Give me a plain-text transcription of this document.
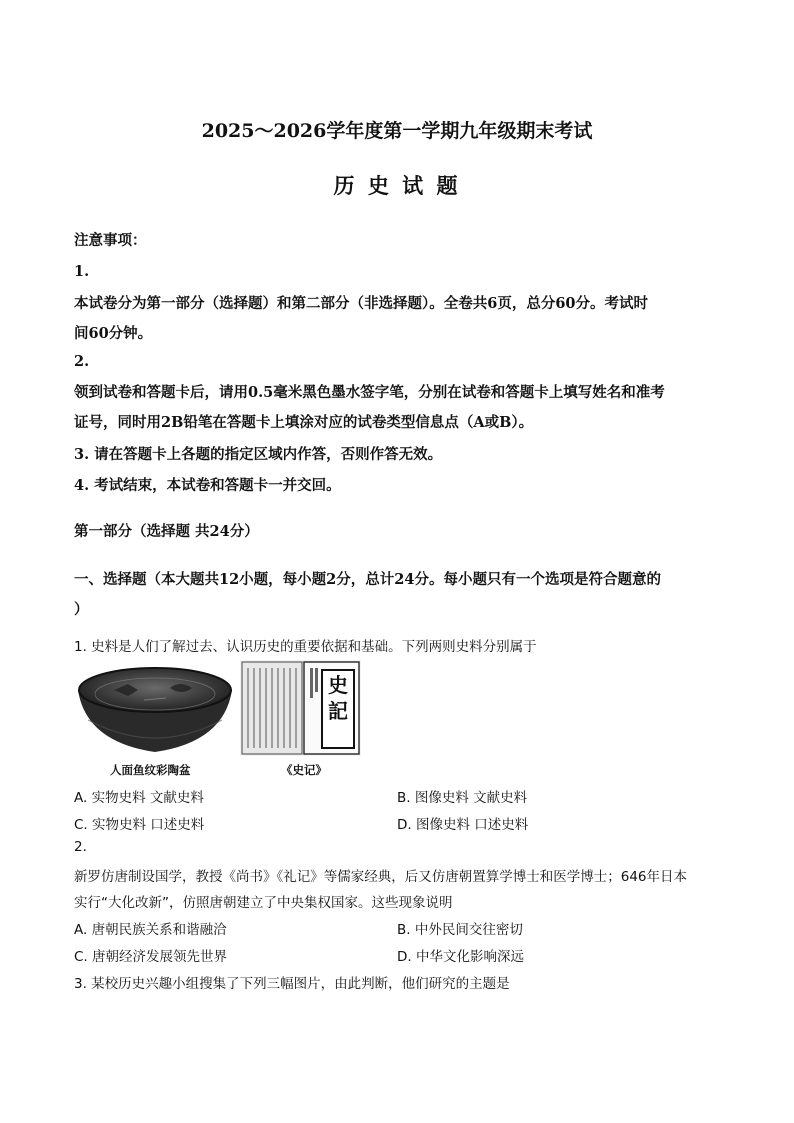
2025～2026学年度第一学期九年级期末考试
历 史 试 题
注意事项：
1.
本试卷分为第一部分（选择题）和第二部分（非选择题）。全卷共6页，总分60分。考试时
间60分钟。
2.
领到试卷和答题卡后，请用0.5毫米黑色墨水签字笔，分别在试卷和答题卡上填写姓名和准考
证号，同时用2B铅笔在答题卡上填涂对应的试卷类型信息点（A或B）。
3. 请在答题卡上各题的指定区域内作答，否则作答无效。
4. 考试结束，本试卷和答题卡一并交回。
第一部分（选择题 共24分）
一、选择题（本大题共12小题，每小题2分，总计24分。每小题只有一个选项是符合题意的
）
1. 史料是人们了解过去、认识历史的重要依据和基础。下列两则史料分别属于
人面鱼纹彩陶盆
史記
《史记》
A. 实物史料 文献史料	B. 图像史料 文献史料
C. 实物史料 口述史料	D. 图像史料 口述史料
2.
新罗仿唐制设国学，教授《尚书》《礼记》等儒家经典，后又仿唐朝置算学博士和医学博士；646年日本
实行“大化改新”，仿照唐朝建立了中央集权国家。这些现象说明
A. 唐朝民族关系和谐融洽	B. 中外民间交往密切
C. 唐朝经济发展领先世界	D. 中华文化影响深远
3. 某校历史兴趣小组搜集了下列三幅图片，由此判断，他们研究的主题是
